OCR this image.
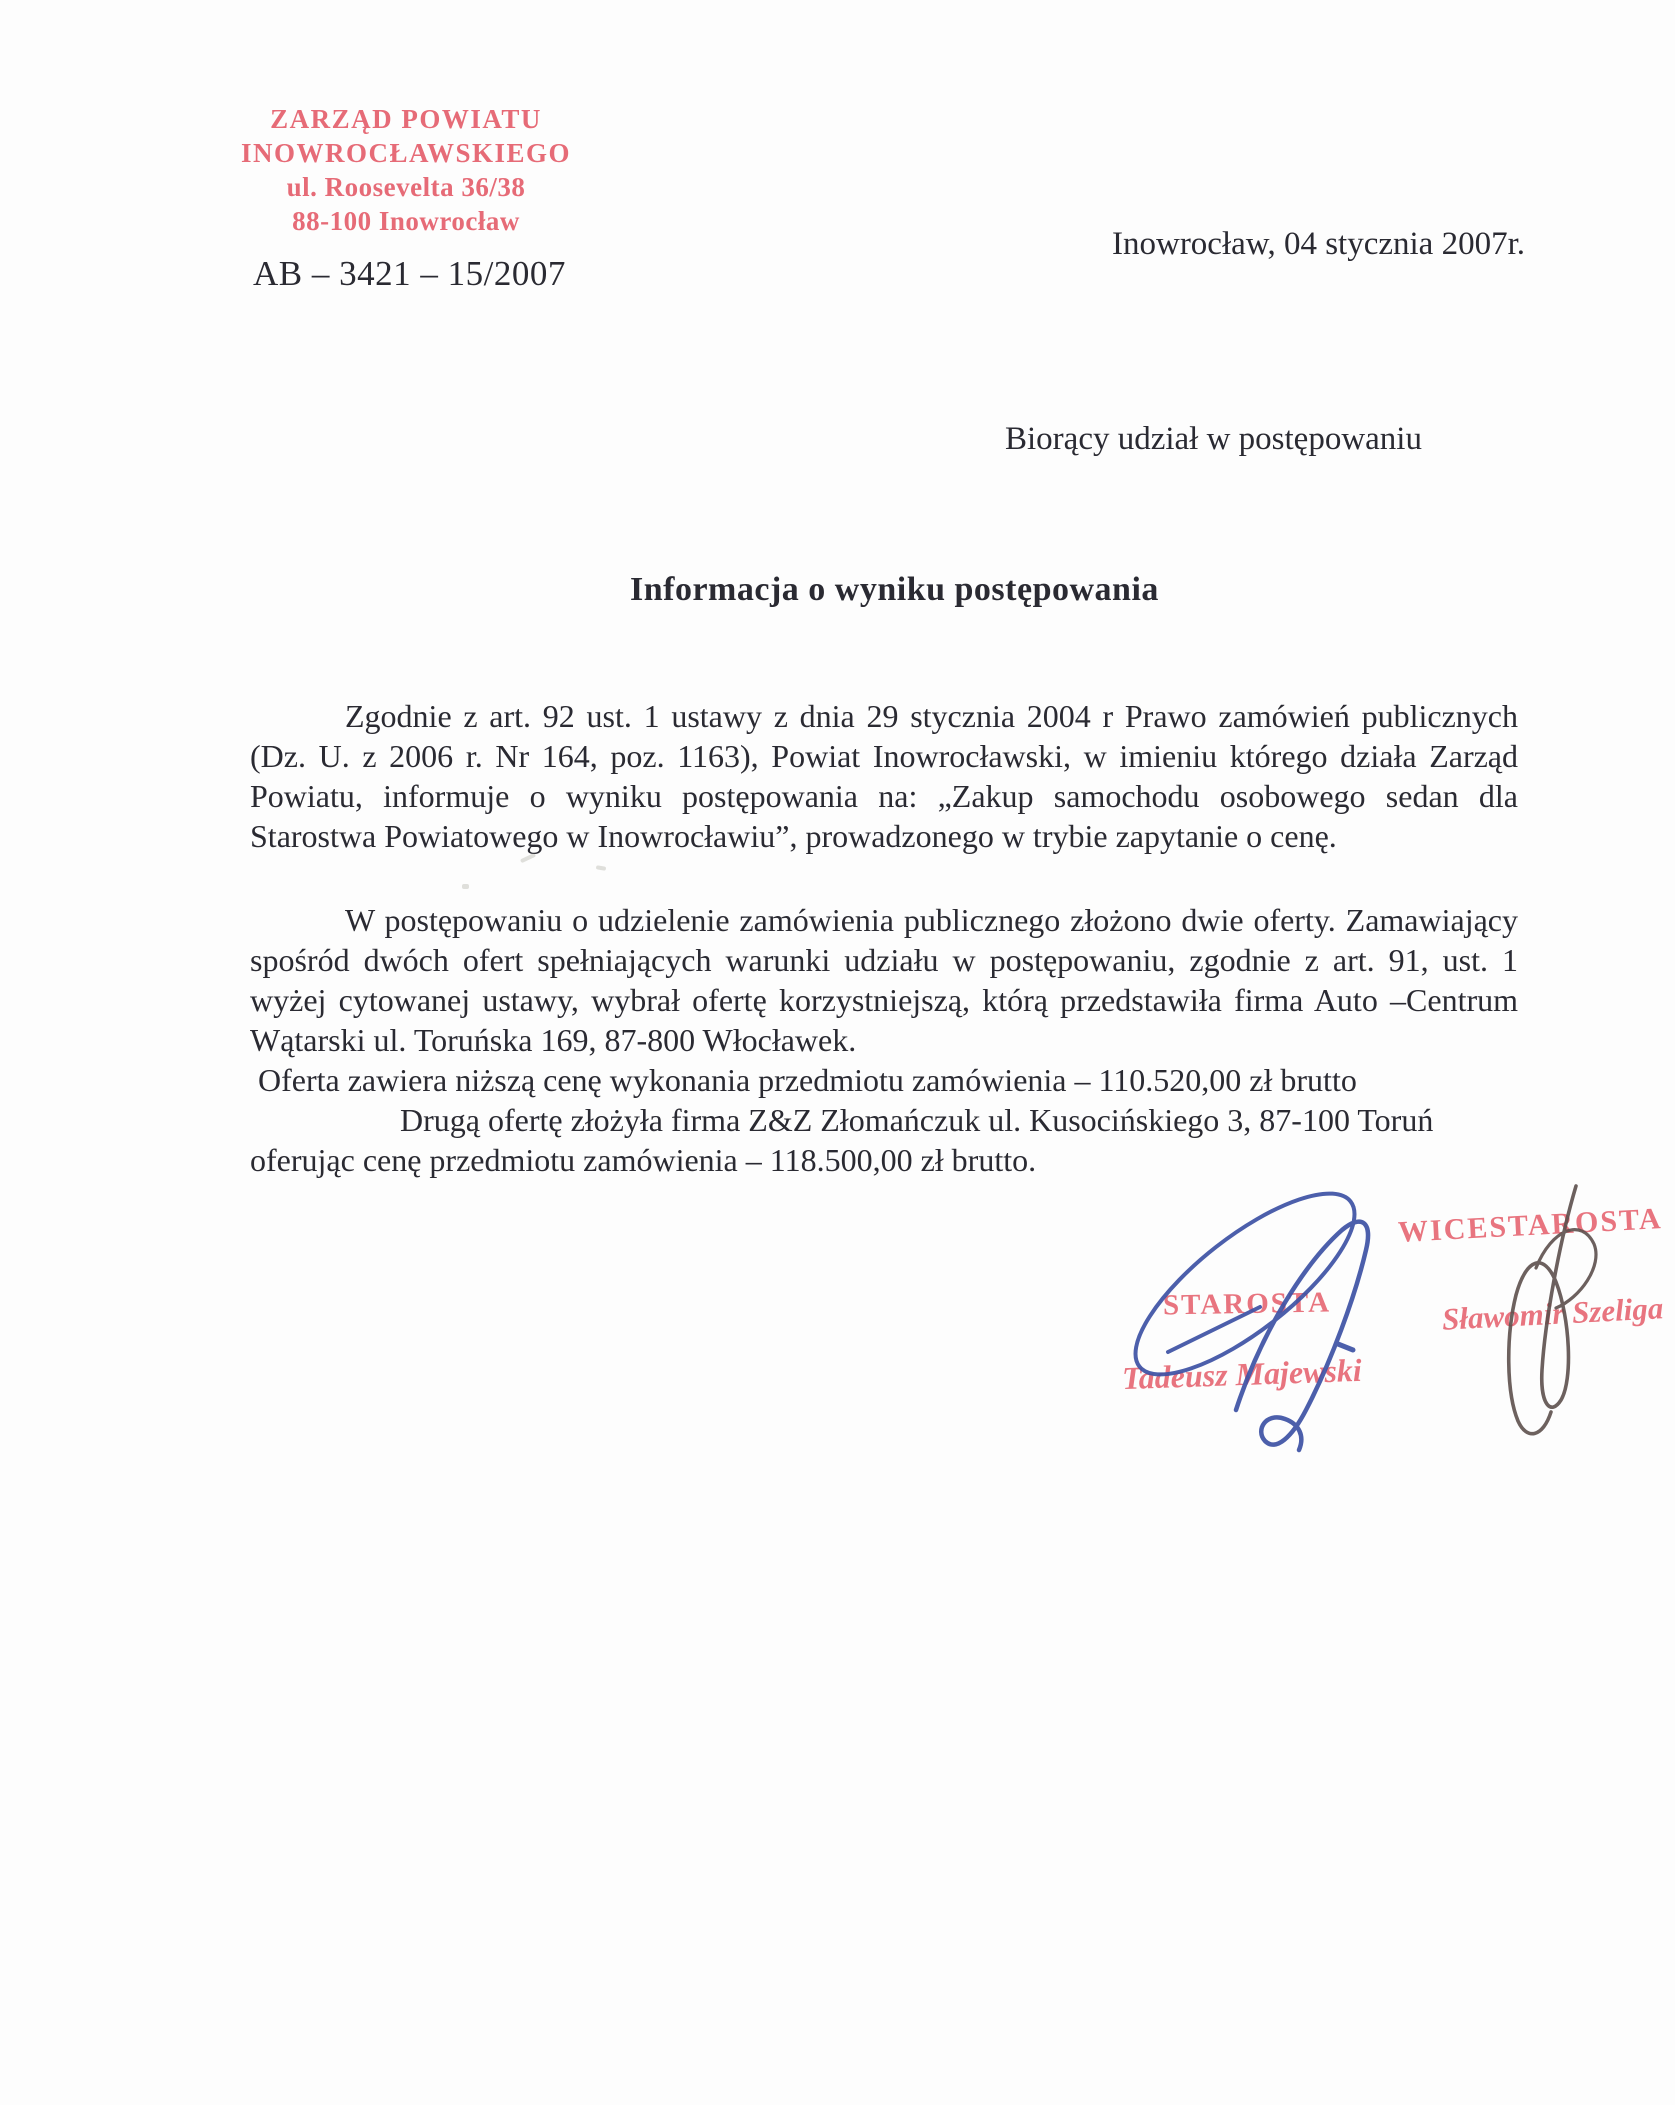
ZARZĄD POWIATU
INOWROCŁAWSKIEGO
ul. Roosevelta 36/38
88-100 Inowrocław
AB – 3421 – 15/2007
Inowrocław, 04 stycznia 2007r.
Biorący udział w postępowaniu
Informacja o wyniku postępowania
Zgodnie z art. 92 ust. 1 ustawy z dnia 29 stycznia 2004 r Prawo zamówień publicznych (Dz. U. z 2006 r. Nr 164, poz. 1163), Powiat Inowrocławski, w imieniu którego działa Zarząd Powiatu, informuje o wyniku postępowania na: „Zakup samochodu osobowego sedan dla Starostwa Powiatowego w Inowrocławiu”, prowadzonego w trybie zapytanie o cenę.
W postępowaniu o udzielenie zamówienia publicznego złożono dwie oferty. Zamawiający spośród dwóch ofert spełniających warunki udziału w postępowaniu, zgodnie z art. 91, ust. 1 wyżej cytowanej ustawy, wybrał ofertę korzystniejszą, którą przedstawiła firma Auto –Centrum Wątarski ul. Toruńska 169, 87-800 Włocławek.
Oferta zawiera niższą cenę wykonania przedmiotu zamówienia – 110.520,00 zł brutto
Drugą ofertę złożyła firma Z&Z Złomańczuk ul. Kusocińskiego 3, 87-100 Toruń oferując cenę przedmiotu zamówienia – 118.500,00 zł brutto.
STAROSTA
Tadeusz Majewski
WICESTAROSTA
Sławomir Szeliga
